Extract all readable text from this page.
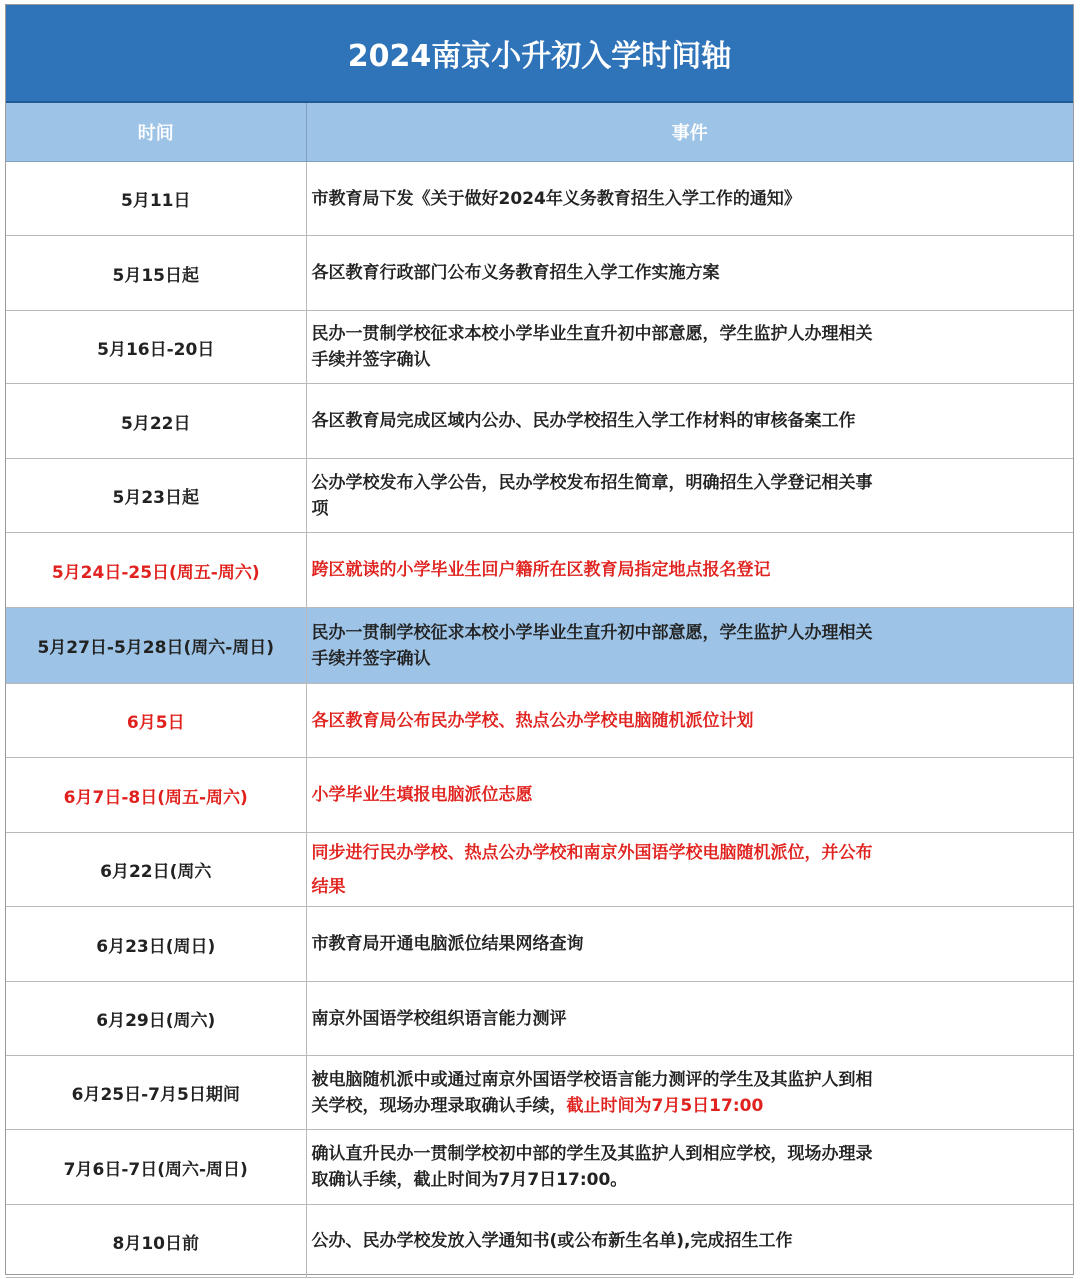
2024南京小升初入学时间轴
时间	事件
5月11日	市教育局下发《关于做好2024年义务教育招生入学工作的通知》

5月15日起	各区教育行政部门公布义务教育招生入学工作实施方案

5月16日-20日	民办一贯制学校征求本校小学毕业生直升初中部意愿，学生监护人办理相关手续并签字确认

5月22日	各区教育局完成区域内公办、民办学校招生入学工作材料的审核备案工作

5月23日起	公办学校发布入学公告，民办学校发布招生简章，明确招生入学登记相关事项

5月24日-25日(周五-周六)	跨区就读的小学毕业生回户籍所在区教育局指定地点报名登记

5月27日-5月28日(周六-周日)	民办一贯制学校征求本校小学毕业生直升初中部意愿，学生监护人办理相关手续并签字确认

6月5日	各区教育局公布民办学校、热点公办学校电脑随机派位计划

6月7日-8日(周五-周六)	小学毕业生填报电脑派位志愿

6月22日(周六	同步进行民办学校、热点公办学校和南京外国语学校电脑随机派位，并公布结果

6月23日(周日)	市教育局开通电脑派位结果网络查询

6月29日(周六)	南京外国语学校组织语言能力测评

6月25日-7月5日期间	被电脑随机派中或通过南京外国语学校语言能力测评的学生及其监护人到相关学校，现场办理录取确认手续，截止时间为7月5日17:00

7月6日-7日(周六-周日)	确认直升民办一贯制学校初中部的学生及其监护人到相应学校，现场办理录取确认手续，截止时间为7月7日17:00。

8月10日前	公办、民办学校发放入学通知书(或公布新生名单),完成招生工作
